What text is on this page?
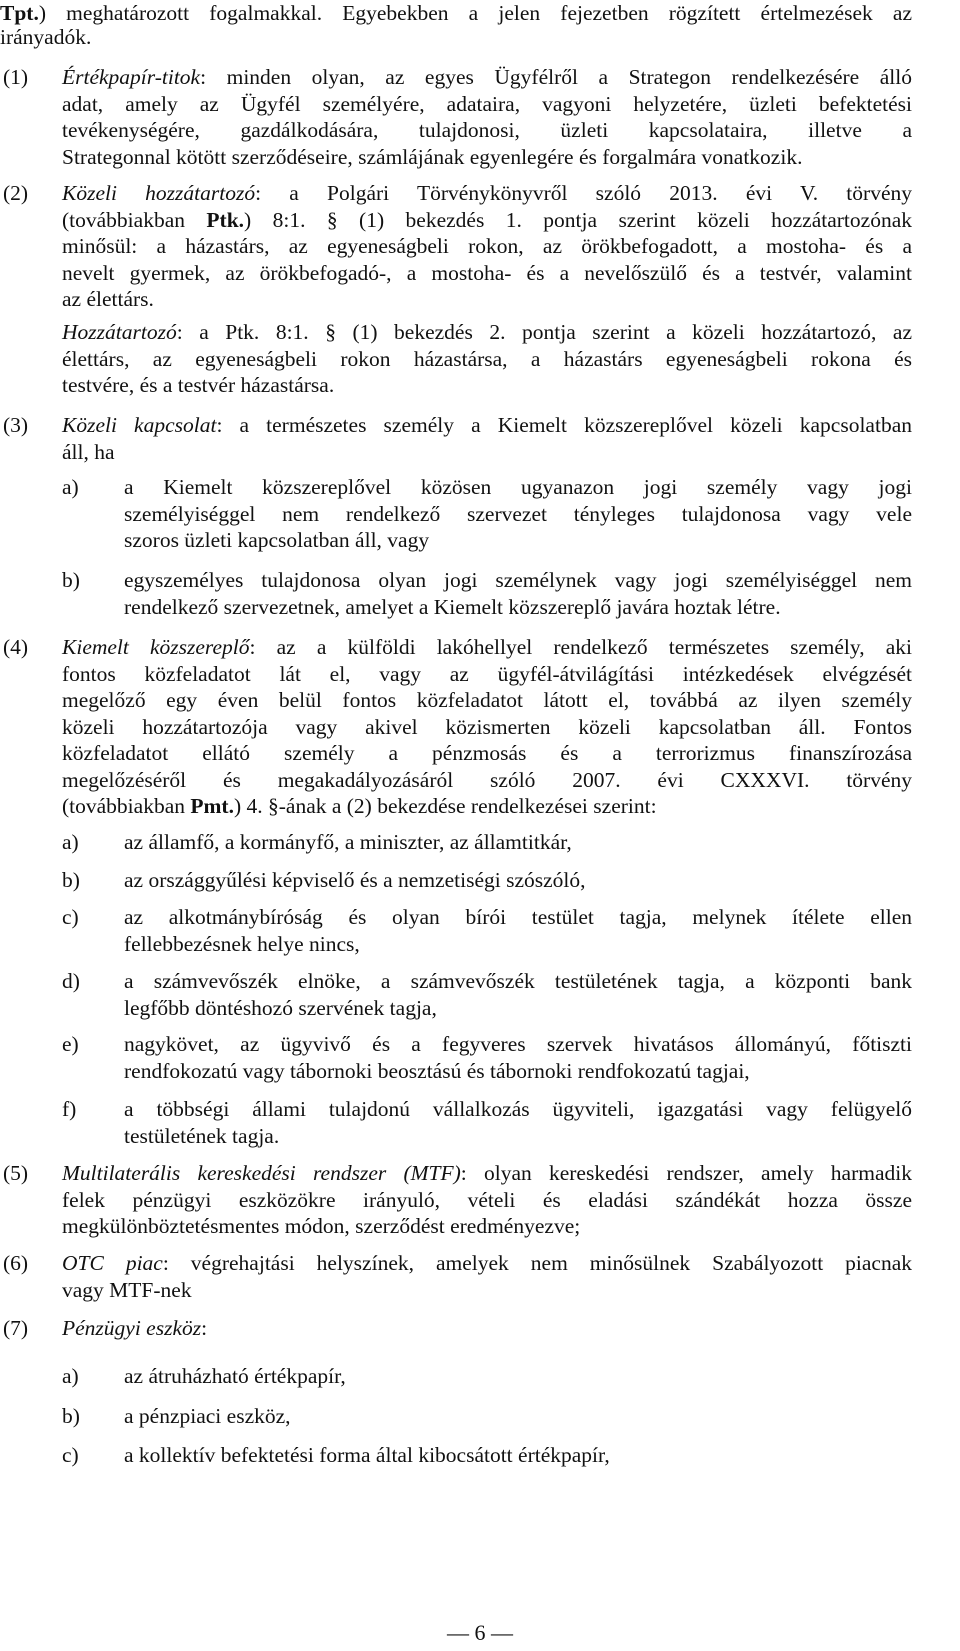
Tpt.) meghatározott fogalmakkal. Egyebekben a jelen fejezetben rögzített értelmezések az
irányadók.
(1) Értékpapír-titok: minden olyan, az egyes Ügyfélről a Strategon rendelkezésére álló
adat, amely az Ügyfél személyére, adataira, vagyoni helyzetére, üzleti befektetési
tevékenységére, gazdálkodására, tulajdonosi, üzleti kapcsolataira, illetve a
Strategonnal kötött szerződéseire, számlájának egyenlegére és forgalmára vonatkozik.
(2) Közeli hozzátartozó: a Polgári Törvénykönyvről szóló 2013. évi V. törvény
(továbbiakban Ptk.) 8:1. § (1) bekezdés 1. pontja szerint közeli hozzátartozónak
minősül: a házastárs, az egyeneságbeli rokon, az örökbefogadott, a mostoha- és a
nevelt gyermek, az örökbefogadó-, a mostoha- és a nevelőszülő és a testvér, valamint
az élettárs.
Hozzátartozó: a Ptk. 8:1. § (1) bekezdés 2. pontja szerint a közeli hozzátartozó, az
élettárs, az egyeneságbeli rokon házastársa, a házastárs egyeneságbeli rokona és
testvére, és a testvér házastársa.
(3) Közeli kapcsolat: a természetes személy a Kiemelt közszereplővel közeli kapcsolatban
áll, ha
a) a Kiemelt közszereplővel közösen ugyanazon jogi személy vagy jogi
személyiséggel nem rendelkező szervezet tényleges tulajdonosa vagy vele
szoros üzleti kapcsolatban áll, vagy
b) egyszemélyes tulajdonosa olyan jogi személynek vagy jogi személyiséggel nem
rendelkező szervezetnek, amelyet a Kiemelt közszereplő javára hoztak létre.
(4) Kiemelt közszereplő: az a külföldi lakóhellyel rendelkező természetes személy, aki
fontos közfeladatot lát el, vagy az ügyfél-átvilágítási intézkedések elvégzését
megelőző egy éven belül fontos közfeladatot látott el, továbbá az ilyen személy
közeli hozzátartozója vagy akivel közismerten közeli kapcsolatban áll. Fontos
közfeladatot ellátó személy a pénzmosás és a terrorizmus finanszírozása
megelőzéséről és megakadályozásáról szóló 2007. évi CXXXVI. törvény
(továbbiakban Pmt.) 4. §-ának a (2) bekezdése rendelkezései szerint:
a) az államfő, a kormányfő, a miniszter, az államtitkár,
b) az országgyűlési képviselő és a nemzetiségi szószóló,
c) az alkotmánybíróság és olyan bírói testület tagja, melynek ítélete ellen
fellebbezésnek helye nincs,
d) a számvevőszék elnöke, a számvevőszék testületének tagja, a központi bank
legfőbb döntéshozó szervének tagja,
e) nagykövet, az ügyvivő és a fegyveres szervek hivatásos állományú, főtiszti
rendfokozatú vagy tábornoki beosztású és tábornoki rendfokozatú tagjai,
f) a többségi állami tulajdonú vállalkozás ügyviteli, igazgatási vagy felügyelő
testületének tagja.
(5) Multilaterális kereskedési rendszer (MTF): olyan kereskedési rendszer, amely harmadik
felek pénzügyi eszközökre irányuló, vételi és eladási szándékát hozza össze
megkülönböztetésmentes módon, szerződést eredményezve;
(6) OTC piac: végrehajtási helyszínek, amelyek nem minősülnek Szabályozott piacnak
vagy MTF-nek
(7) Pénzügyi eszköz:
a) az átruházható értékpapír,
b) a pénzpiaci eszköz,
c) a kollektív befektetési forma által kibocsátott értékpapír,
— 6 —
